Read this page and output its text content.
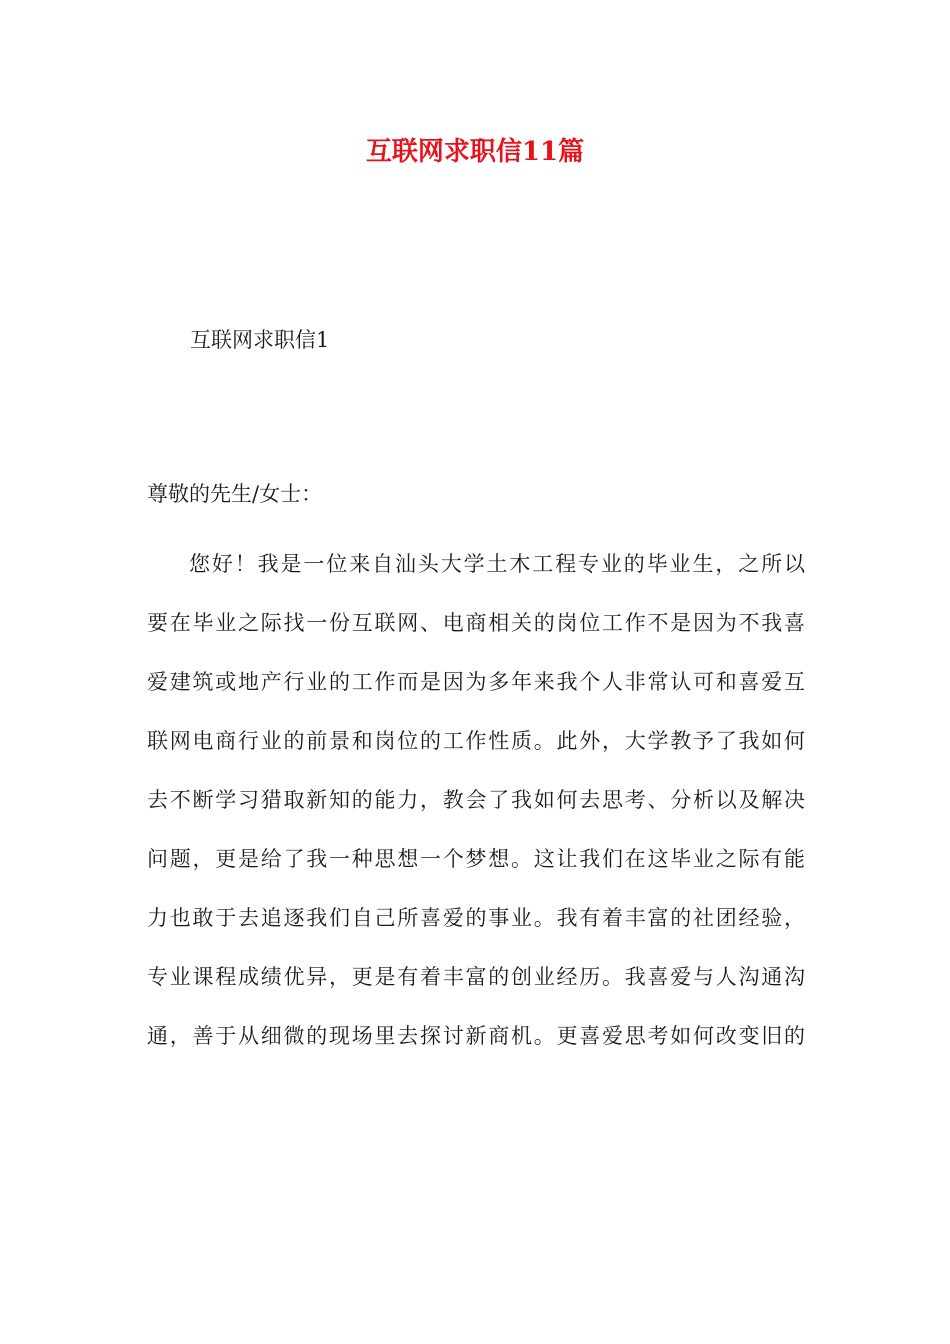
互联网求职信11篇

互联网求职信1

尊敬的先生/女士：

您好！我是一位来自汕头大学土木工程专业的毕业生，之所以
要在毕业之际找一份互联网、电商相关的岗位工作不是因为不我喜
爱建筑或地产行业的工作而是因为多年来我个人非常认可和喜爱互
联网电商行业的前景和岗位的工作性质。此外，大学教予了我如何
去不断学习猎取新知的能力，教会了我如何去思考、分析以及解决
问题，更是给了我一种思想一个梦想。这让我们在这毕业之际有能
力也敢于去追逐我们自己所喜爱的事业。我有着丰富的社团经验，
专业课程成绩优异，更是有着丰富的创业经历。我喜爱与人沟通沟
通，善于从细微的现场里去探讨新商机。更喜爱思考如何改变旧的
